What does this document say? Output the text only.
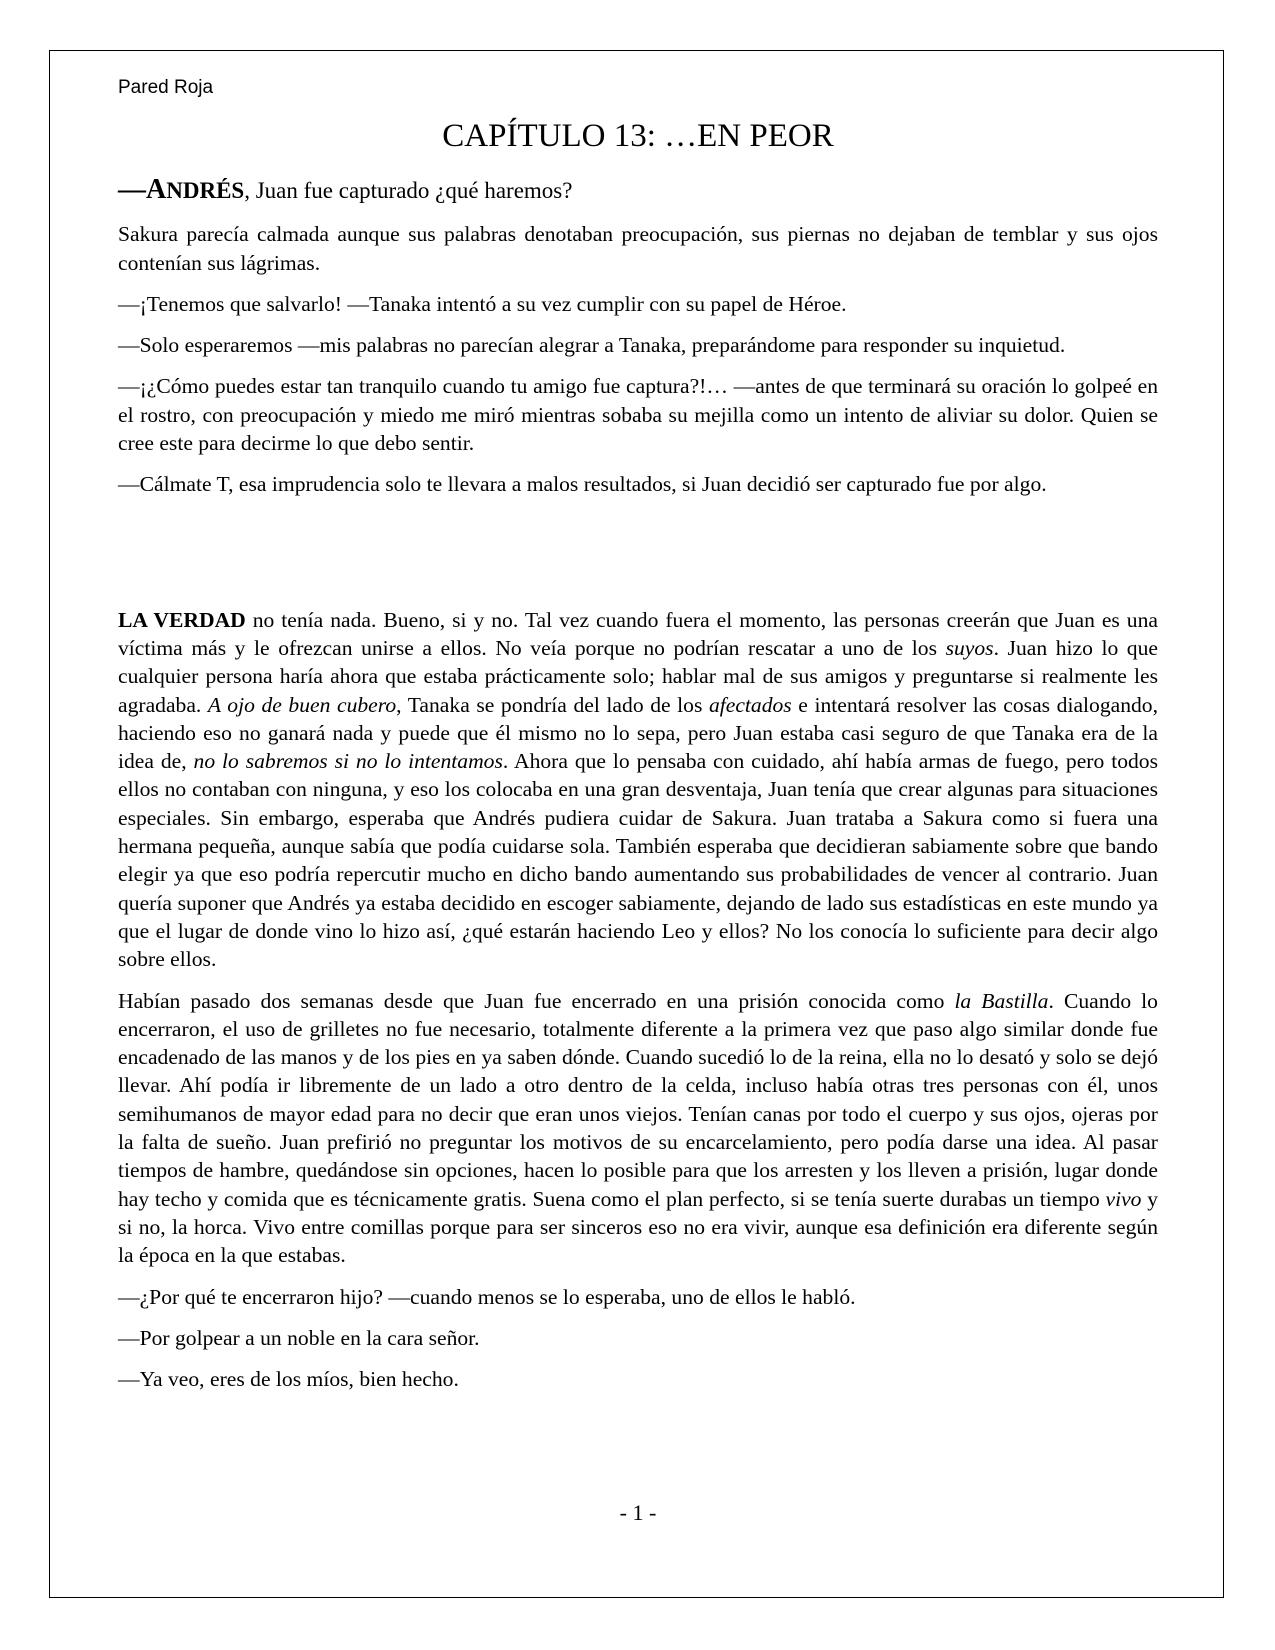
Pared Roja
CAPÍTULO 13: …EN PEOR

—ANDRÉS, Juan fue capturado ¿qué haremos?

Sakura parecía calmada aunque sus palabras denotaban preocupación, sus piernas no dejaban de temblar y sus ojos contenían sus lágrimas.

—¡Tenemos que salvarlo! —Tanaka intentó a su vez cumplir con su papel de Héroe.

—Solo esperaremos —mis palabras no parecían alegrar a Tanaka, preparándome para responder su inquietud.

—¡¿Cómo puedes estar tan tranquilo cuando tu amigo fue captura?!… —antes de que terminará su oración lo golpeé en el rostro, con preocupación y miedo me miró mientras sobaba su mejilla como un intento de aliviar su dolor. Quien se cree este para decirme lo que debo sentir.

—Cálmate T, esa imprudencia solo te llevara a malos resultados, si Juan decidió ser capturado fue por algo.

LA VERDAD no tenía nada. Bueno, si y no. Tal vez cuando fuera el momento, las personas creerán que Juan es una víctima más y le ofrezcan unirse a ellos. No veía porque no podrían rescatar a uno de los suyos. Juan hizo lo que cualquier persona haría ahora que estaba prácticamente solo; hablar mal de sus amigos y preguntarse si realmente les agradaba. A ojo de buen cubero, Tanaka se pondría del lado de los afectados e intentará resolver las cosas dialogando, haciendo eso no ganará nada y puede que él mismo no lo sepa, pero Juan estaba casi seguro de que Tanaka era de la idea de, no lo sabremos si no lo intentamos. Ahora que lo pensaba con cuidado, ahí había armas de fuego, pero todos ellos no contaban con ninguna, y eso los colocaba en una gran desventaja, Juan tenía que crear algunas para situaciones especiales. Sin embargo, esperaba que Andrés pudiera cuidar de Sakura. Juan trataba a Sakura como si fuera una hermana pequeña, aunque sabía que podía cuidarse sola. También esperaba que decidieran sabiamente sobre que bando elegir ya que eso podría repercutir mucho en dicho bando aumentando sus probabilidades de vencer al contrario. Juan quería suponer que Andrés ya estaba decidido en escoger sabiamente, dejando de lado sus estadísticas en este mundo ya que el lugar de donde vino lo hizo así, ¿qué estarán haciendo Leo y ellos? No los conocía lo suficiente para decir algo sobre ellos.

Habían pasado dos semanas desde que Juan fue encerrado en una prisión conocida como la Bastilla. Cuando lo encerraron, el uso de grilletes no fue necesario, totalmente diferente a la primera vez que paso algo similar donde fue encadenado de las manos y de los pies en ya saben dónde. Cuando sucedió lo de la reina, ella no lo desató y solo se dejó llevar. Ahí podía ir libremente de un lado a otro dentro de la celda, incluso había otras tres personas con él, unos semihumanos de mayor edad para no decir que eran unos viejos. Tenían canas por todo el cuerpo y sus ojos, ojeras por la falta de sueño. Juan prefirió no preguntar los motivos de su encarcelamiento, pero podía darse una idea. Al pasar tiempos de hambre, quedándose sin opciones, hacen lo posible para que los arresten y los lleven a prisión, lugar donde hay techo y comida que es técnicamente gratis. Suena como el plan perfecto, si se tenía suerte durabas un tiempo vivo y si no, la horca. Vivo entre comillas porque para ser sinceros eso no era vivir, aunque esa definición era diferente según la época en la que estabas.

—¿Por qué te encerraron hijo? —cuando menos se lo esperaba, uno de ellos le habló.

—Por golpear a un noble en la cara señor.

—Ya veo, eres de los míos, bien hecho.

- 1 -
